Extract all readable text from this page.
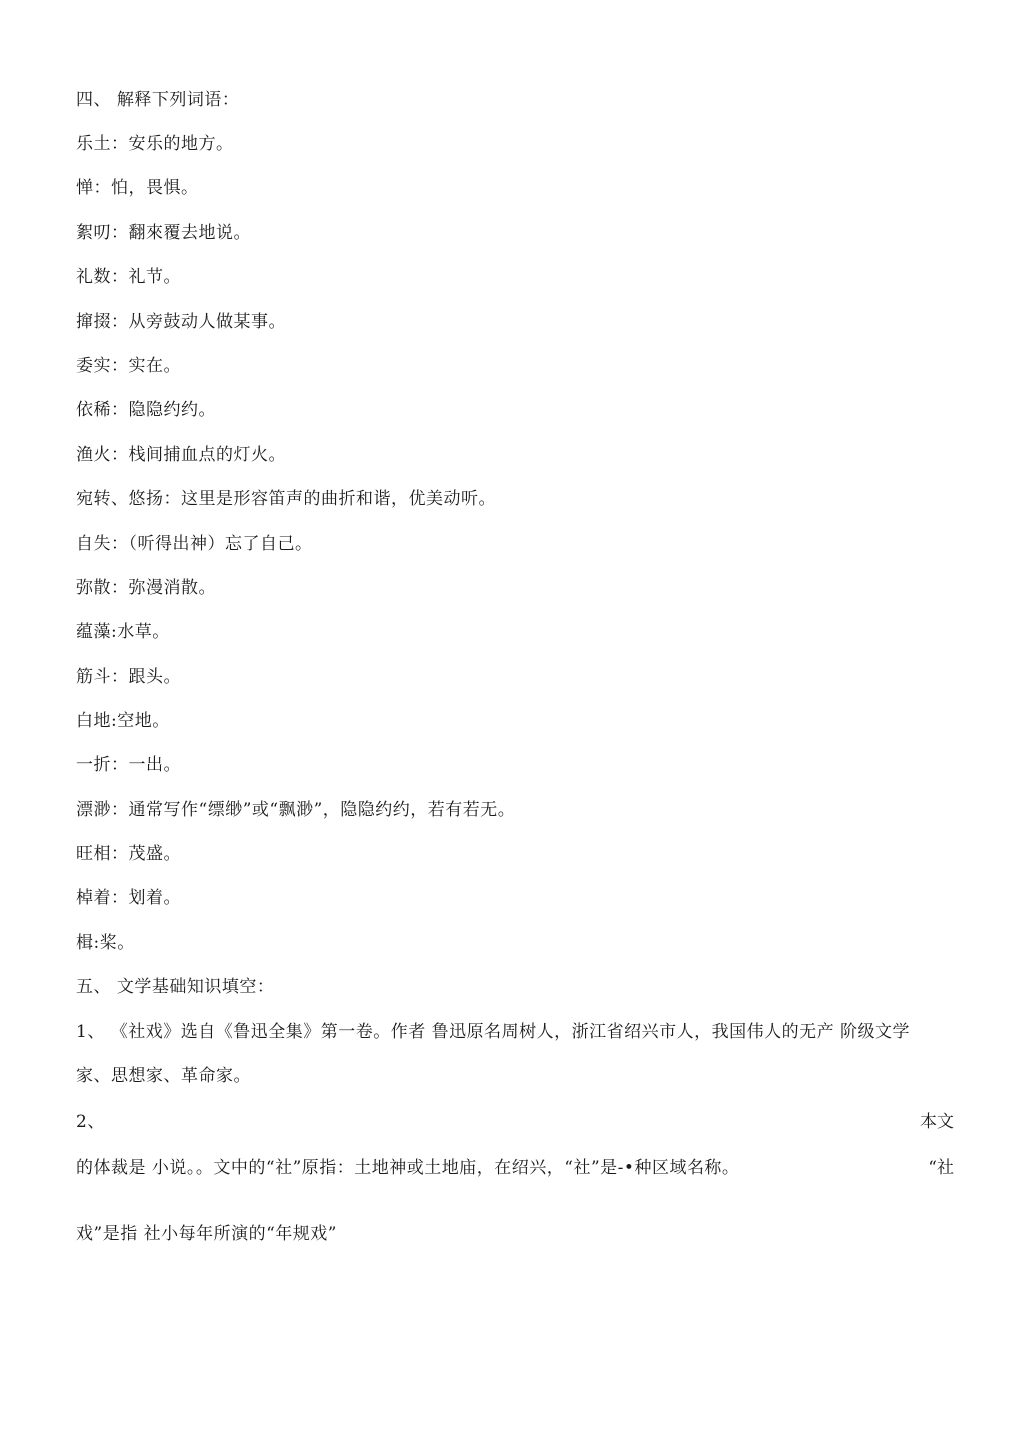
四、 解释下列词语：
乐土：安乐的地方。
惮：怕，畏惧。
絮叨：翻來覆去地说。
礼数：礼节。
撺掇：从旁鼓动人做某事。
委实：实在。
依稀：隐隐约约。
渔火：栈间捕血点的灯火。
宛转、悠扬：这里是形容笛声的曲折和谐，优美动听。
自失：（听得出神）忘了自己。
弥散：弥漫消散。
蕴藻:水草。
筋斗：跟头。
白地:空地。
一折：一出。
漂渺：通常写作“缥缈”或“飘渺”，隐隐约约，若有若无。
旺相：茂盛。
棹着：划着。
楫:桨。
五、 文学基础知识填空：
1、 《社戏》选自《鲁迅全集》第一卷。作者 鲁迅原名周树人，浙江省绍兴市人，我国伟人的无产 阶级文学
家、思想家、革命家。
2、	本文
的体裁是 小说。。文中的“社”原指：土地神或土地庙，在绍兴，“社”是-•种区域名称。	“社
戏”是指 社小每年所演的“年规戏”
